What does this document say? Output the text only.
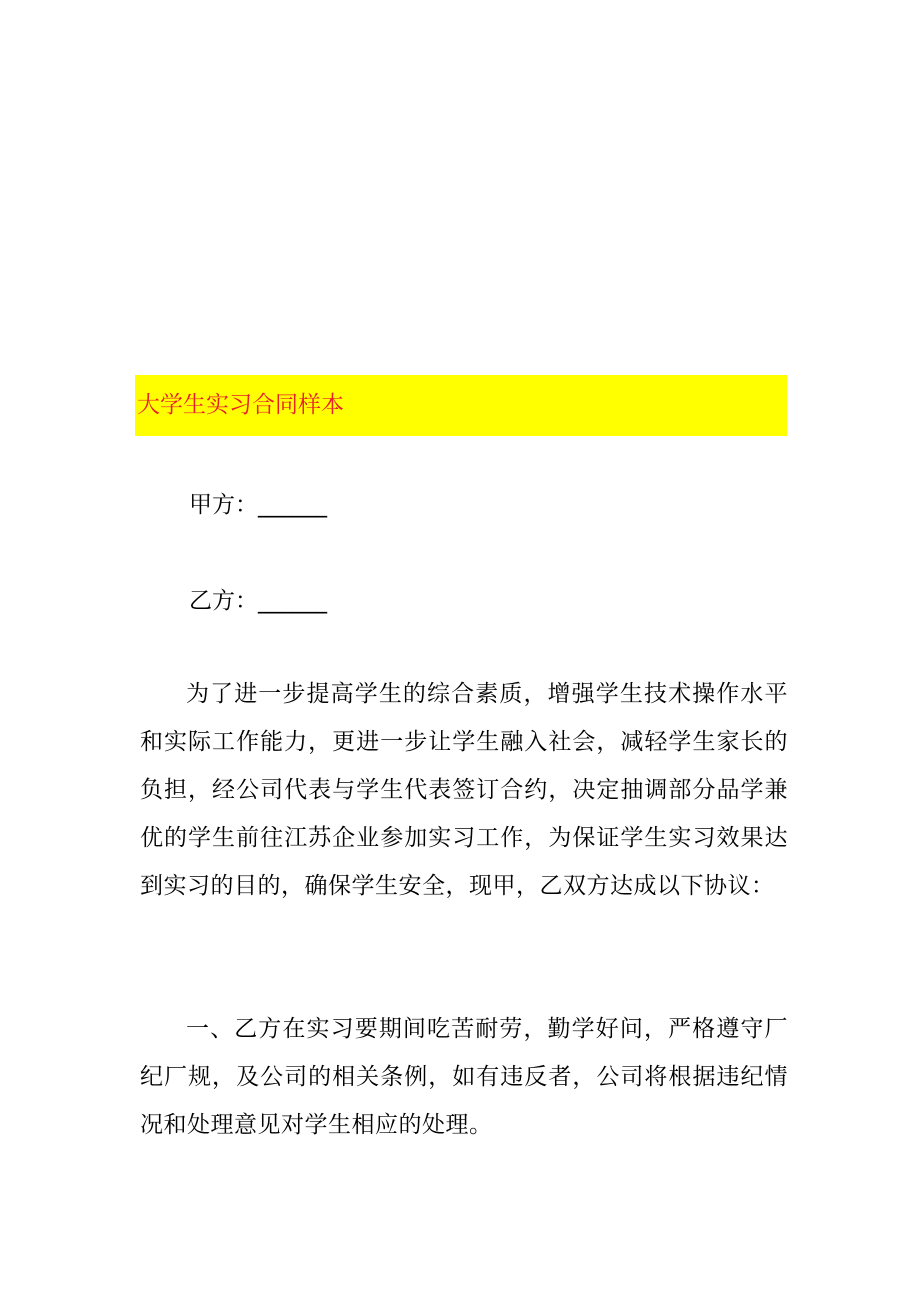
大学生实习合同样本
甲方：______
乙方：______

为了进一步提高学生的综合素质，增强学生技术操作水平和实际工作能力，更进一步让学生融入社会，减轻学生家长的负担，经公司代表与学生代表签订合约，决定抽调部分品学兼优的学生前往江苏企业参加实习工作，为保证学生实习效果达到实习的目的，确保学生安全，现甲，乙双方达成以下协议：

一、乙方在实习要期间吃苦耐劳，勤学好问，严格遵守厂纪厂规，及公司的相关条例，如有违反者，公司将根据违纪情况和处理意见对学生相应的处理。
